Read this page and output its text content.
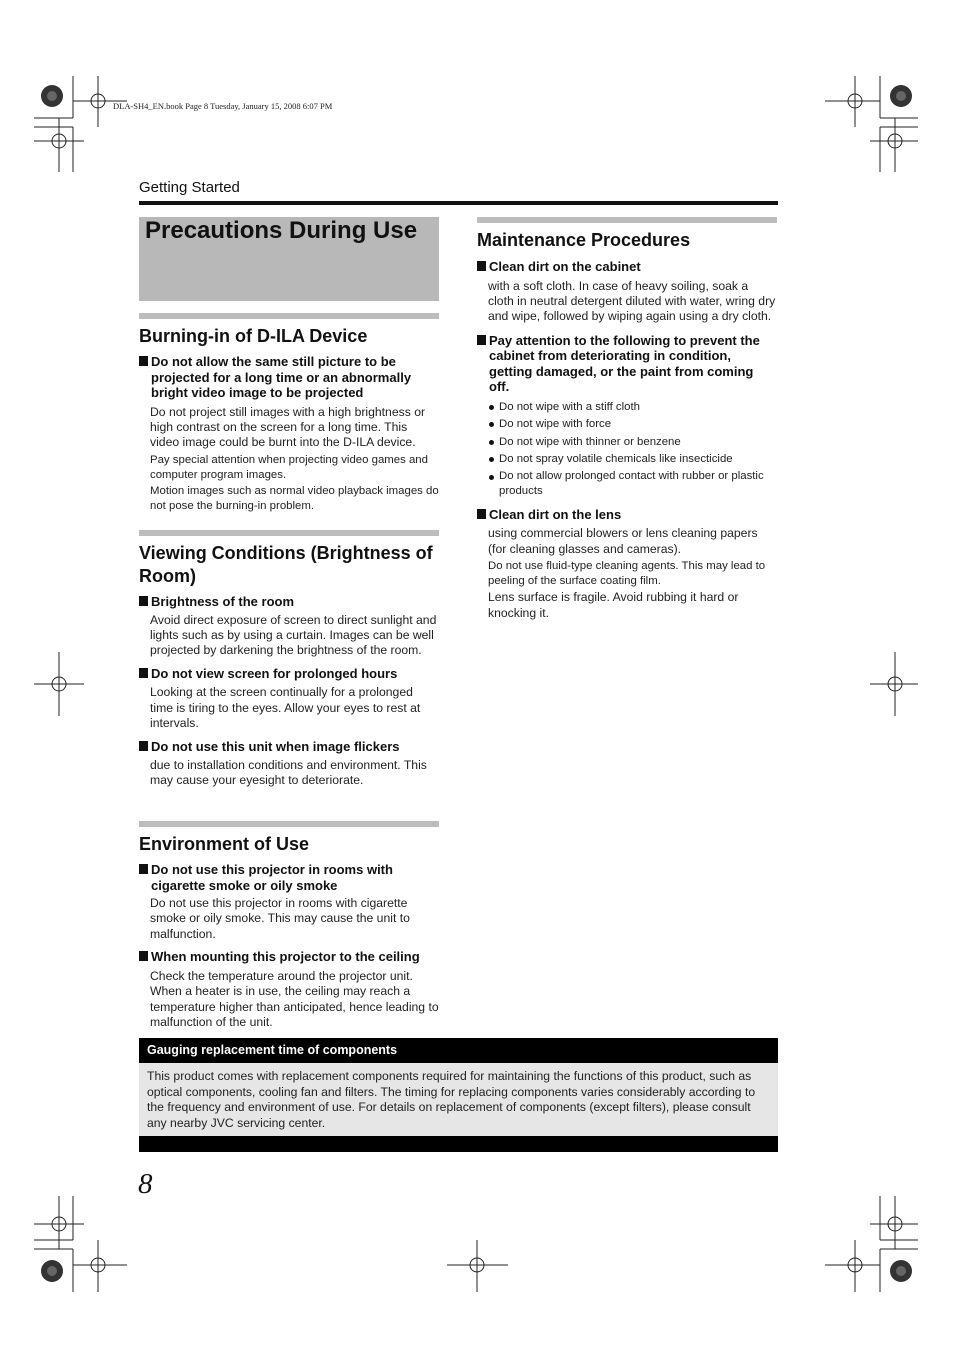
DLA-SH4_EN.book Page 8 Tuesday, January 15, 2008 6:07 PM
Getting Started
Precautions During Use
Burning-in of D-ILA Device
Do not allow the same still picture to be projected for a long time or an abnormally bright video image to be projected
Do not project still images with a high brightness or high contrast on the screen for a long time. This video image could be burnt into the D-ILA device.
Pay special attention when projecting video games and computer program images.
Motion images such as normal video playback images do not pose the burning-in problem.
Viewing Conditions (Brightness of Room)
Brightness of the room
Avoid direct exposure of screen to direct sunlight and lights such as by using a curtain. Images can be well projected by darkening the brightness of the room.
Do not view screen for prolonged hours
Looking at the screen continually for a prolonged time is tiring to the eyes. Allow your eyes to rest at intervals.
Do not use this unit when image flickers
due to installation conditions and environment. This may cause your eyesight to deteriorate.
Environment of Use
Do not use this projector in rooms with cigarette smoke or oily smoke
Do not use this projector in rooms with cigarette smoke or oily smoke. This may cause the unit to malfunction.
When mounting this projector to the ceiling
Check the temperature around the projector unit. When a heater is in use, the ceiling may reach a temperature higher than anticipated, hence leading to malfunction of the unit.
Maintenance Procedures
Clean dirt on the cabinet
with a soft cloth. In case of heavy soiling, soak a cloth in neutral detergent diluted with water, wring dry and wipe, followed by wiping again using a dry cloth.
Pay attention to the following to prevent the cabinet from deteriorating in condition, getting damaged, or the paint from coming off.
Do not wipe with a stiff cloth
Do not wipe with force
Do not wipe with thinner or benzene
Do not spray volatile chemicals like insecticide
Do not allow prolonged contact with rubber or plastic products
Clean dirt on the lens
using commercial blowers or lens cleaning papers (for cleaning glasses and cameras).
Do not use fluid-type cleaning agents. This may lead to peeling of the surface coating film.
Lens surface is fragile. Avoid rubbing it hard or knocking it.
Gauging replacement time of components
This product comes with replacement components required for maintaining the functions of this product, such as optical components, cooling fan and filters. The timing for replacing components varies considerably according to the frequency and environment of use. For details on replacement of components (except filters), please consult any nearby JVC servicing center.
8
